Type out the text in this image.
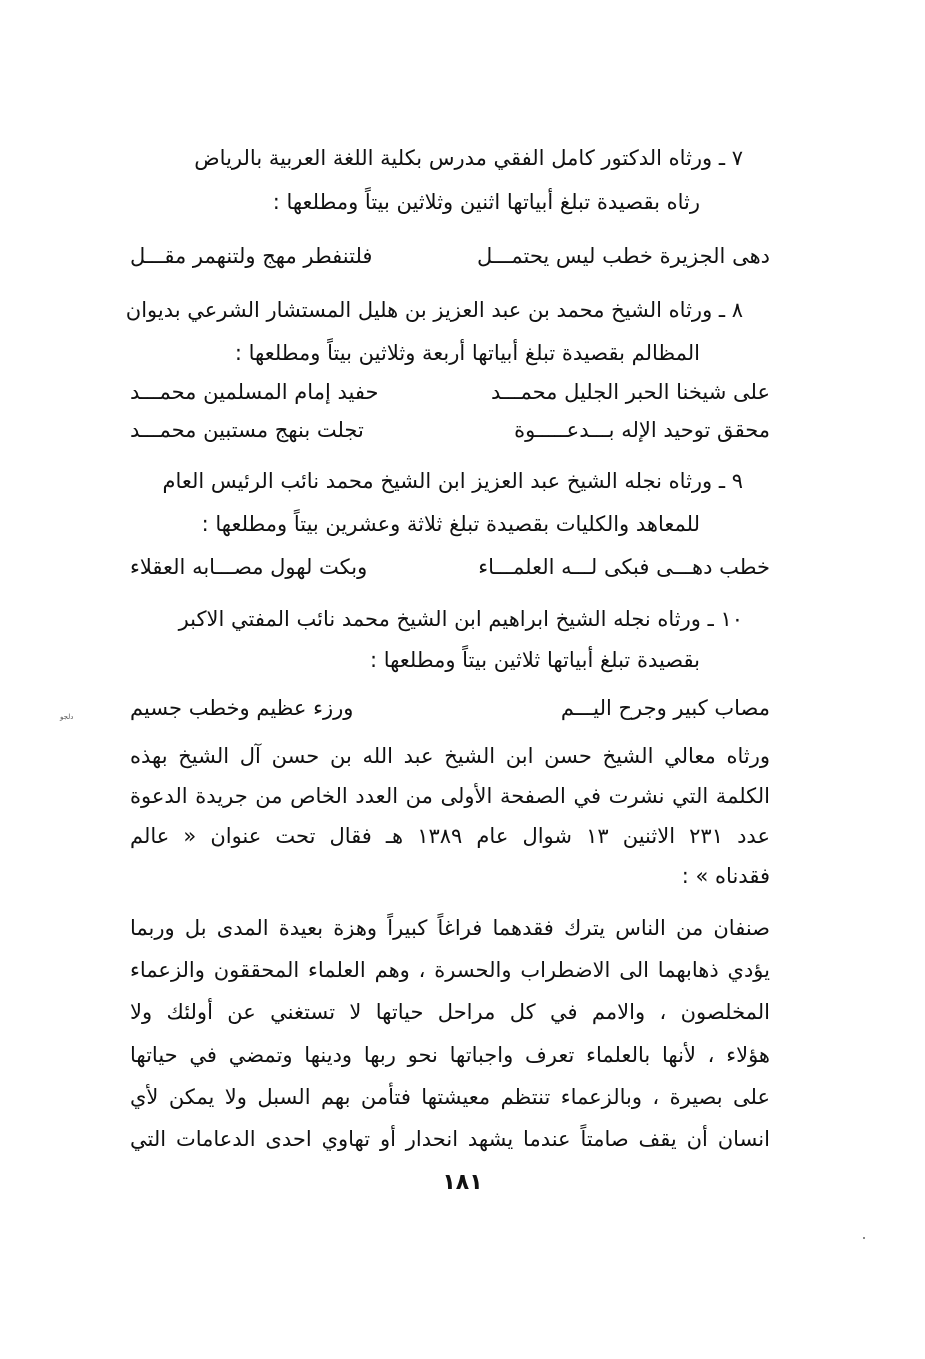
٧ ـ ورثاه الدكتور كامل الفقي مدرس بكلية اللغة العربية بالرياض
رثاه بقصيدة تبلغ أبياتها اثنين وثلاثين بيتاً ومطلعها :
دهى الجزيرة خطب ليس يحتمـــل
فلتنفطر مهج ولتنهمر مقـــل
٨ ـ ورثاه الشيخ محمد بن عبد العزيز بن هليل المستشار الشرعي بديوان
المظالم بقصيدة تبلغ أبياتها أربعة وثلاثين بيتاً ومطلعها :
على شيخنا الحبر الجليل محمـــد
حفيد إمام المسلمين محمـــد
محقق توحيد الإله بـــدعـــــوة
تجلت بنهج مستبين محمـــد
٩ ـ ورثاه نجله الشيخ عبد العزيز ابن الشيخ محمد نائب الرئيس العام
للمعاهد والكليات بقصيدة تبلغ ثلاثة وعشرين بيتاً ومطلعها :
خطب دهـــى فبكى لـــه العلمـــاء
وبكت لهول مصـــابه العقلاء
١٠ ـ ورثاه نجله الشيخ ابراهيم ابن الشيخ محمد نائب المفتي الاكبر
بقصيدة تبلغ أبياتها ثلاثين بيتاً ومطلعها :
مصاب كبير وجرح اليـــم
ورزء عظيم وخطب جسيم
دلجو
ورثاه معالي الشيخ حسن ابن الشيخ عبد الله بن حسن آل الشيخ بهذه
الكلمة التي نشرت في الصفحة الأولى من العدد الخاص من جريدة الدعوة
عدد ٢٣١ الاثنين ١٣ شوال عام ١٣٨٩ هـ فقال تحت عنوان « عالم
فقدناه » :
صنفان من الناس يترك فقدهما فراغاً كبيراً وهزة بعيدة المدى بل وربما
يؤدي ذهابهما الى الاضطراب والحسرة ، وهم العلماء المحققون والزعماء
المخلصون ، والامم في كل مراحل حياتها لا تستغني عن أولئك ولا
هؤلاء ، لأنها بالعلماء تعرف واجباتها نحو ربها ودينها وتمضي في حياتها
على بصيرة ، وبالزعماء تنتظم معيشتها فتأمن بهم السبل ولا يمكن لأي
انسان أن يقف صامتاً عندما يشهد انحدار أو تهاوي احدى الدعامات التي
١٨١
